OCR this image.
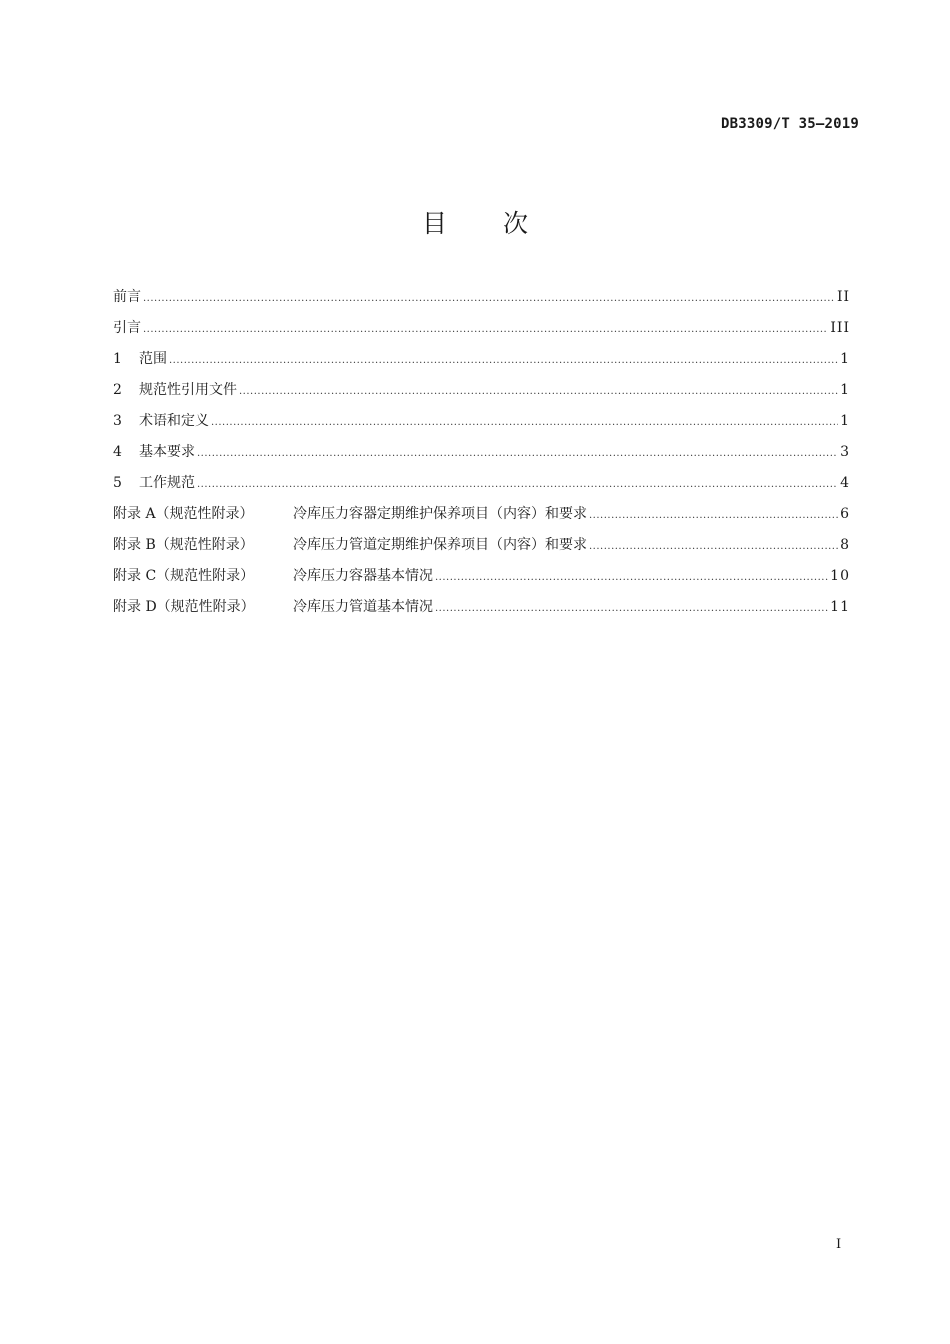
DB3309/T 35—2019
目 次
前言 .....	II
引言 .....	III
1	范围 .....	1
2	规范性引用文件 .....	1
3	术语和定义 .....	1
4	基本要求 .....	3
5	工作规范 .....	4
附录 A（规范性附录）	冷库压力容器定期维护保养项目（内容）和要求 .....	6
附录 B（规范性附录）	冷库压力管道定期维护保养项目（内容）和要求 .....	8
附录 C（规范性附录）	冷库压力容器基本情况 .....	10
附录 D（规范性附录）	冷库压力管道基本情况 .....	11
I
